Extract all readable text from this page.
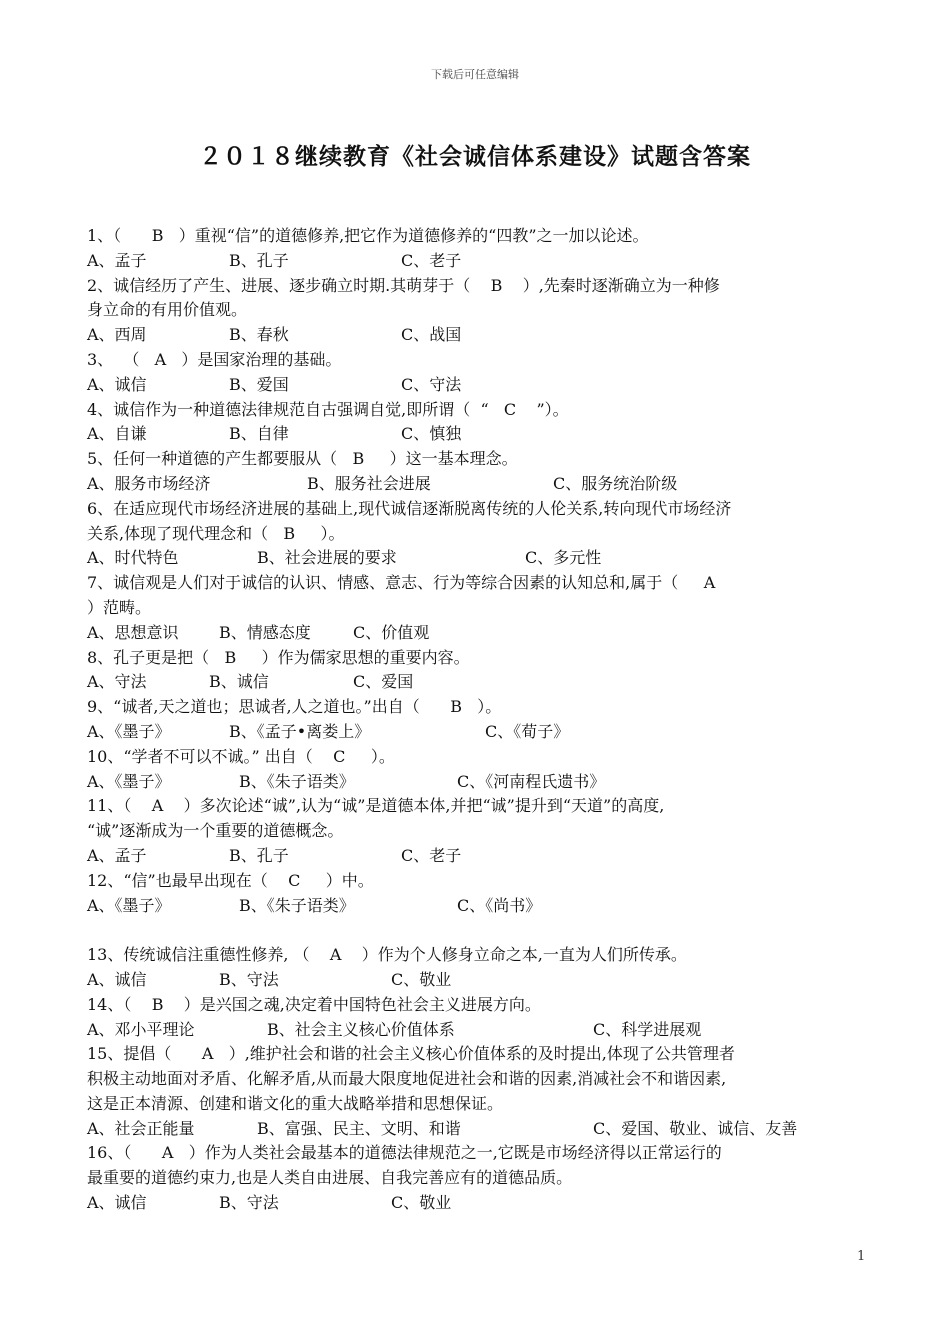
下载后可任意编辑
２０１８继续教育《社会诚信体系建设》试题含答案
1、（      B   ）重视“信”的道德修养,把它作为道德修养的“四教”之一加以论述。
A、孟子	B、孔子	C、老子
2、诚信经历了产生、进展、逐步确立时期.其萌芽于（    B    ）,先秦时逐渐确立为一种修
身立命的有用价值观。
A、西周	B、春秋	C、战国
3、  （   A   ）是国家治理的基础。
A、诚信	B、爱国	C、守法
4、诚信作为一种道德法律规范自古强调自觉,即所谓（  “   C    ”）。
A、自谦	B、自律	C、慎独
5、任何一种道德的产生都要服从（   B     ）这一基本理念。
A、服务市场经济	B、服务社会进展	C、服务统治阶级
6、在适应现代市场经济进展的基础上,现代诚信逐渐脱离传统的人伦关系,转向现代市场经济
关系,体现了现代理念和（   B     ）。
A、时代特色	B、社会进展的要求	C、多元性
7、诚信观是人们对于诚信的认识、情感、意志、行为等综合因素的认知总和,属于（     A
）范畴。
A、思想意识	B、情感态度	C、价值观
8、孔子更是把（   B     ）作为儒家思想的重要内容。
A、守法	B、诚信	C、爱国
9、“诚者,天之道也；思诚者,人之道也。”出自（      B   ）。
A、《墨子》	B、《孟子•离娄上》	C、《荀子》
10、“学者不可以不诚。” 出自（    C     ）。
A、《墨子》	B、《朱子语类》	C、《河南程氏遗书》
11、（    A    ）多次论述“诚”,认为“诚”是道德本体,并把“诚”提升到“天道”的高度,
“诚”逐渐成为一个重要的道德概念。
A、孟子	B、孔子	C、老子
12、“信”也最早出现在（    C     ）中。
A、《墨子》	B、《朱子语类》	C、《尚书》
13、传统诚信注重德性修养, （    A    ）作为个人修身立命之本,一直为人们所传承。
A、诚信	B、守法	C、敬业
14、（    B    ）是兴国之魂,决定着中国特色社会主义进展方向。
A、邓小平理论	B、社会主义核心价值体系	C、科学进展观
15、提倡（      A   ）,维护社会和谐的社会主义核心价值体系的及时提出,体现了公共管理者
积极主动地面对矛盾、化解矛盾,从而最大限度地促进社会和谐的因素,消减社会不和谐因素,
这是正本清源、创建和谐文化的重大战略举措和思想保证。
A、社会正能量	B、富强、民主、文明、和谐	C、爱国、敬业、诚信、友善
16、（      A   ）作为人类社会最基本的道德法律规范之一,它既是市场经济得以正常运行的
最重要的道德约束力,也是人类自由进展、自我完善应有的道德品质。
A、诚信	B、守法	C、敬业
1
